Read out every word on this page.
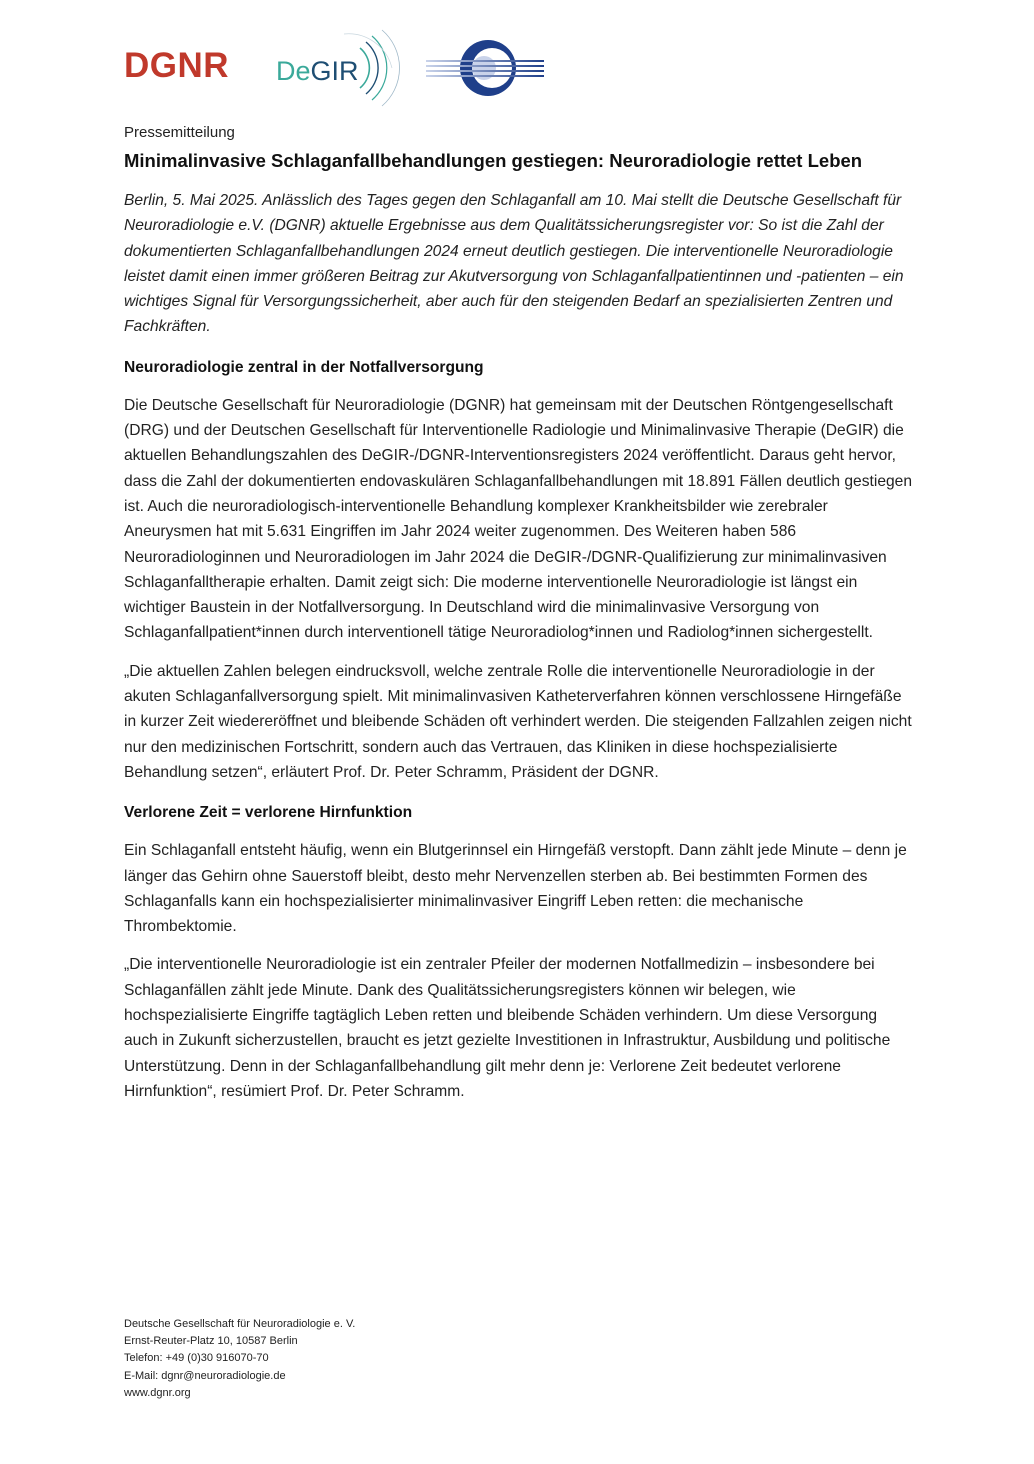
DGNR DeGIR

Pressemitteilung

Minimalinvasive Schlaganfallbehandlungen gestiegen: Neuroradiologie rettet Leben

Berlin, 5. Mai 2025. Anlässlich des Tages gegen den Schlaganfall am 10. Mai stellt die Deutsche Gesellschaft für Neuroradiologie e.V. (DGNR) aktuelle Ergebnisse aus dem Qualitätssicherungsregister vor: So ist die Zahl der dokumentierten Schlaganfallbehandlungen 2024 erneut deutlich gestiegen. Die interventionelle Neuroradiologie leistet damit einen immer größeren Beitrag zur Akutversorgung von Schlaganfallpatientinnen und -patienten – ein wichtiges Signal für Versorgungssicherheit, aber auch für den steigenden Bedarf an spezialisierten Zentren und Fachkräften.

Neuroradiologie zentral in der Notfallversorgung

Die Deutsche Gesellschaft für Neuroradiologie (DGNR) hat gemeinsam mit der Deutschen Röntgengesellschaft (DRG) und der Deutschen Gesellschaft für Interventionelle Radiologie und Minimalinvasive Therapie (DeGIR) die aktuellen Behandlungszahlen des DeGIR-/DGNR-Interventionsregisters 2024 veröffentlicht. Daraus geht hervor, dass die Zahl der dokumentierten endovaskulären Schlaganfallbehandlungen mit 18.891 Fällen deutlich gestiegen ist. Auch die neuroradiologisch-interventionelle Behandlung komplexer Krankheitsbilder wie zerebraler Aneurysmen hat mit 5.631 Eingriffen im Jahr 2024 weiter zugenommen. Des Weiteren haben 586 Neuroradiologinnen und Neuroradiologen im Jahr 2024 die DeGIR-/DGNR-Qualifizierung zur minimalinvasiven Schlaganfalltherapie erhalten. Damit zeigt sich: Die moderne interventionelle Neuroradiologie ist längst ein wichtiger Baustein in der Notfallversorgung. In Deutschland wird die minimalinvasive Versorgung von Schlaganfallpatient*innen durch interventionell tätige Neuroradiolog*innen und Radiolog*innen sichergestellt.

„Die aktuellen Zahlen belegen eindrucksvoll, welche zentrale Rolle die interventionelle Neuroradiologie in der akuten Schlaganfallversorgung spielt. Mit minimalinvasiven Katheterverfahren können verschlossene Hirngefäße in kurzer Zeit wiedereröffnet und bleibende Schäden oft verhindert werden. Die steigenden Fallzahlen zeigen nicht nur den medizinischen Fortschritt, sondern auch das Vertrauen, das Kliniken in diese hochspezialisierte Behandlung setzen“, erläutert Prof. Dr. Peter Schramm, Präsident der DGNR.

Verlorene Zeit = verlorene Hirnfunktion

Ein Schlaganfall entsteht häufig, wenn ein Blutgerinnsel ein Hirngefäß verstopft. Dann zählt jede Minute – denn je länger das Gehirn ohne Sauerstoff bleibt, desto mehr Nervenzellen sterben ab. Bei bestimmten Formen des Schlaganfalls kann ein hochspezialisierter minimalinvasiver Eingriff Leben retten: die mechanische Thrombektomie.

„Die interventionelle Neuroradiologie ist ein zentraler Pfeiler der modernen Notfallmedizin – insbesondere bei Schlaganfällen zählt jede Minute. Dank des Qualitätssicherungsregisters können wir belegen, wie hochspezialisierte Eingriffe tagtäglich Leben retten und bleibende Schäden verhindern. Um diese Versorgung auch in Zukunft sicherzustellen, braucht es jetzt gezielte Investitionen in Infrastruktur, Ausbildung und politische Unterstützung. Denn in der Schlaganfallbehandlung gilt mehr denn je: Verlorene Zeit bedeutet verlorene Hirnfunktion“, resümiert Prof. Dr. Peter Schramm.

Deutsche Gesellschaft für Neuroradiologie e. V.
Ernst-Reuter-Platz 10, 10587 Berlin
Telefon: +49 (0)30 916070-70
E-Mail: dgnr@neuroradiologie.de
www.dgnr.org
